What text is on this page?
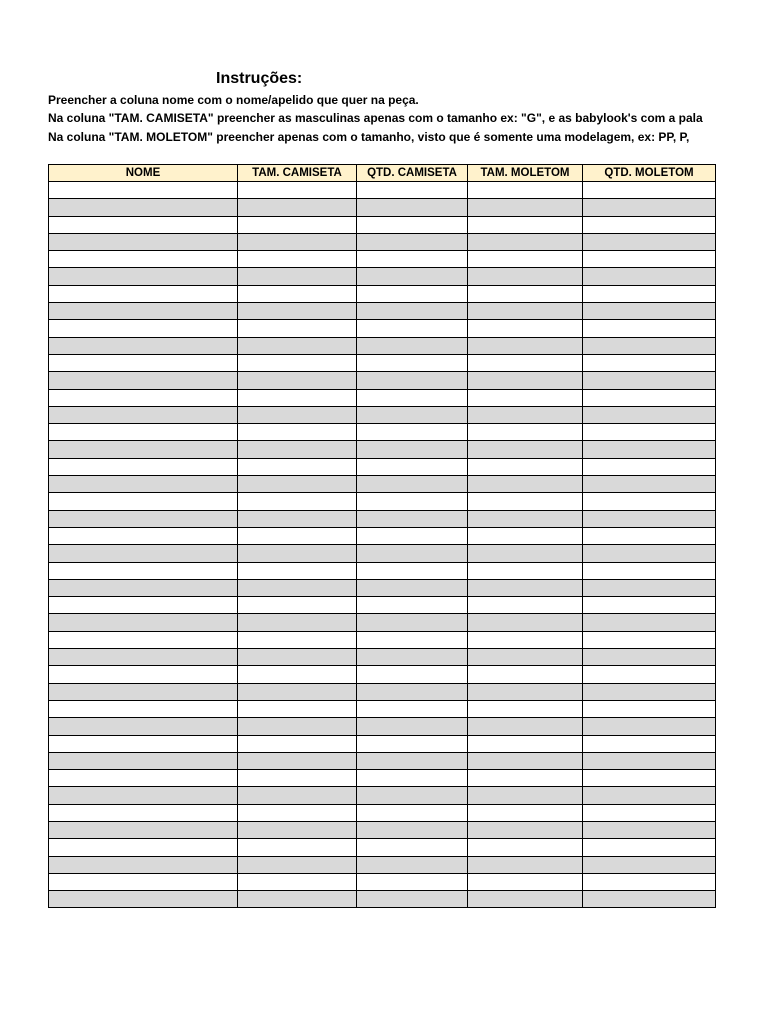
Instruções:
Preencher a coluna nome com o nome/apelido que quer na peça.
Na coluna "TAM. CAMISETA" preencher as masculinas apenas com o tamanho ex: "G", e as babylook's com a pala
Na coluna "TAM. MOLETOM" preencher apenas com o tamanho, visto que é somente uma modelagem, ex: PP, P,
NOME	TAM. CAMISETA	QTD. CAMISETA	TAM. MOLETOM	QTD. MOLETOM
